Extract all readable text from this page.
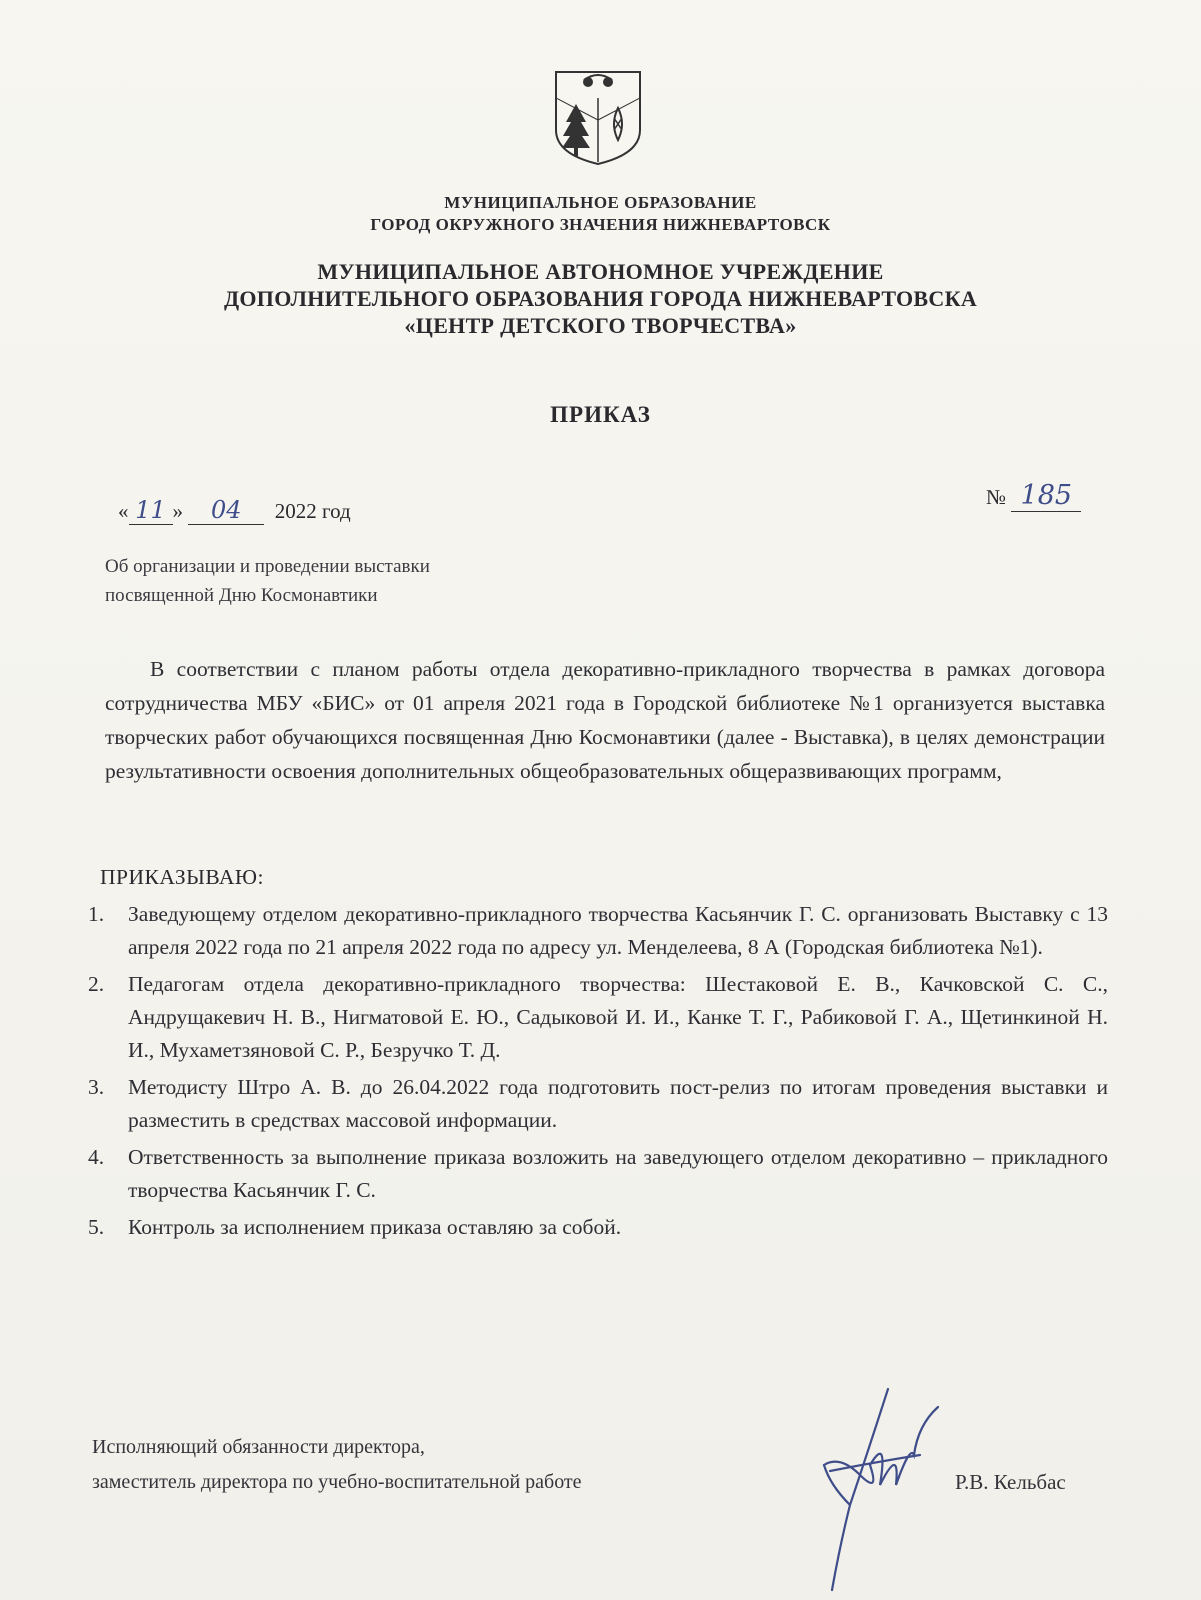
МУНИЦИПАЛЬНОЕ ОБРАЗОВАНИЕ
ГОРОД ОКРУЖНОГО ЗНАЧЕНИЯ НИЖНЕВАРТОВСК
МУНИЦИПАЛЬНОЕ АВТОНОМНОЕ УЧРЕЖДЕНИЕ
ДОПОЛНИТЕЛЬНОГО ОБРАЗОВАНИЯ ГОРОДА НИЖНЕВАРТОВСКА
«ЦЕНТР ДЕТСКОГО ТВОРЧЕСТВА»
ПРИКАЗ
« 11 » 04 2022 год
№ 185
Об организации и проведении выставки
посвященной Дню Космонавтики
В соответствии с планом работы отдела декоративно-прикладного творчества в рамках договора сотрудничества МБУ «БИС» от 01 апреля 2021 года в Городской библиотеке №1 организуется выставка творческих работ обучающихся посвященная Дню Космонавтики (далее - Выставка), в целях демонстрации результативности освоения дополнительных общеобразовательных общеразвивающих программ,
ПРИКАЗЫВАЮ:
1. Заведующему отделом декоративно-прикладного творчества Касьянчик Г. С. организовать Выставку с 13 апреля 2022 года по 21 апреля 2022 года по адресу ул. Менделеева, 8 А (Городская библиотека №1).
2. Педагогам отдела декоративно-прикладного творчества: Шестаковой Е. В., Качковской С. С., Андрущакевич Н. В., Нигматовой Е. Ю., Садыковой И. И., Канке Т. Г., Рабиковой Г. А., Щетинкиной Н. И., Мухаметзяновой С. Р., Безручко Т. Д.
3. Методисту Штро А. В. до 26.04.2022 года подготовить пост-релиз по итогам проведения выставки и разместить в средствах массовой информации.
4. Ответственность за выполнение приказа возложить на заведующего отделом декоративно – прикладного творчества Касьянчик Г. С.
5. Контроль за исполнением приказа оставляю за собой.
Исполняющий обязанности директора,
заместитель директора по учебно-воспитательной работе	Р.В. Кельбас
